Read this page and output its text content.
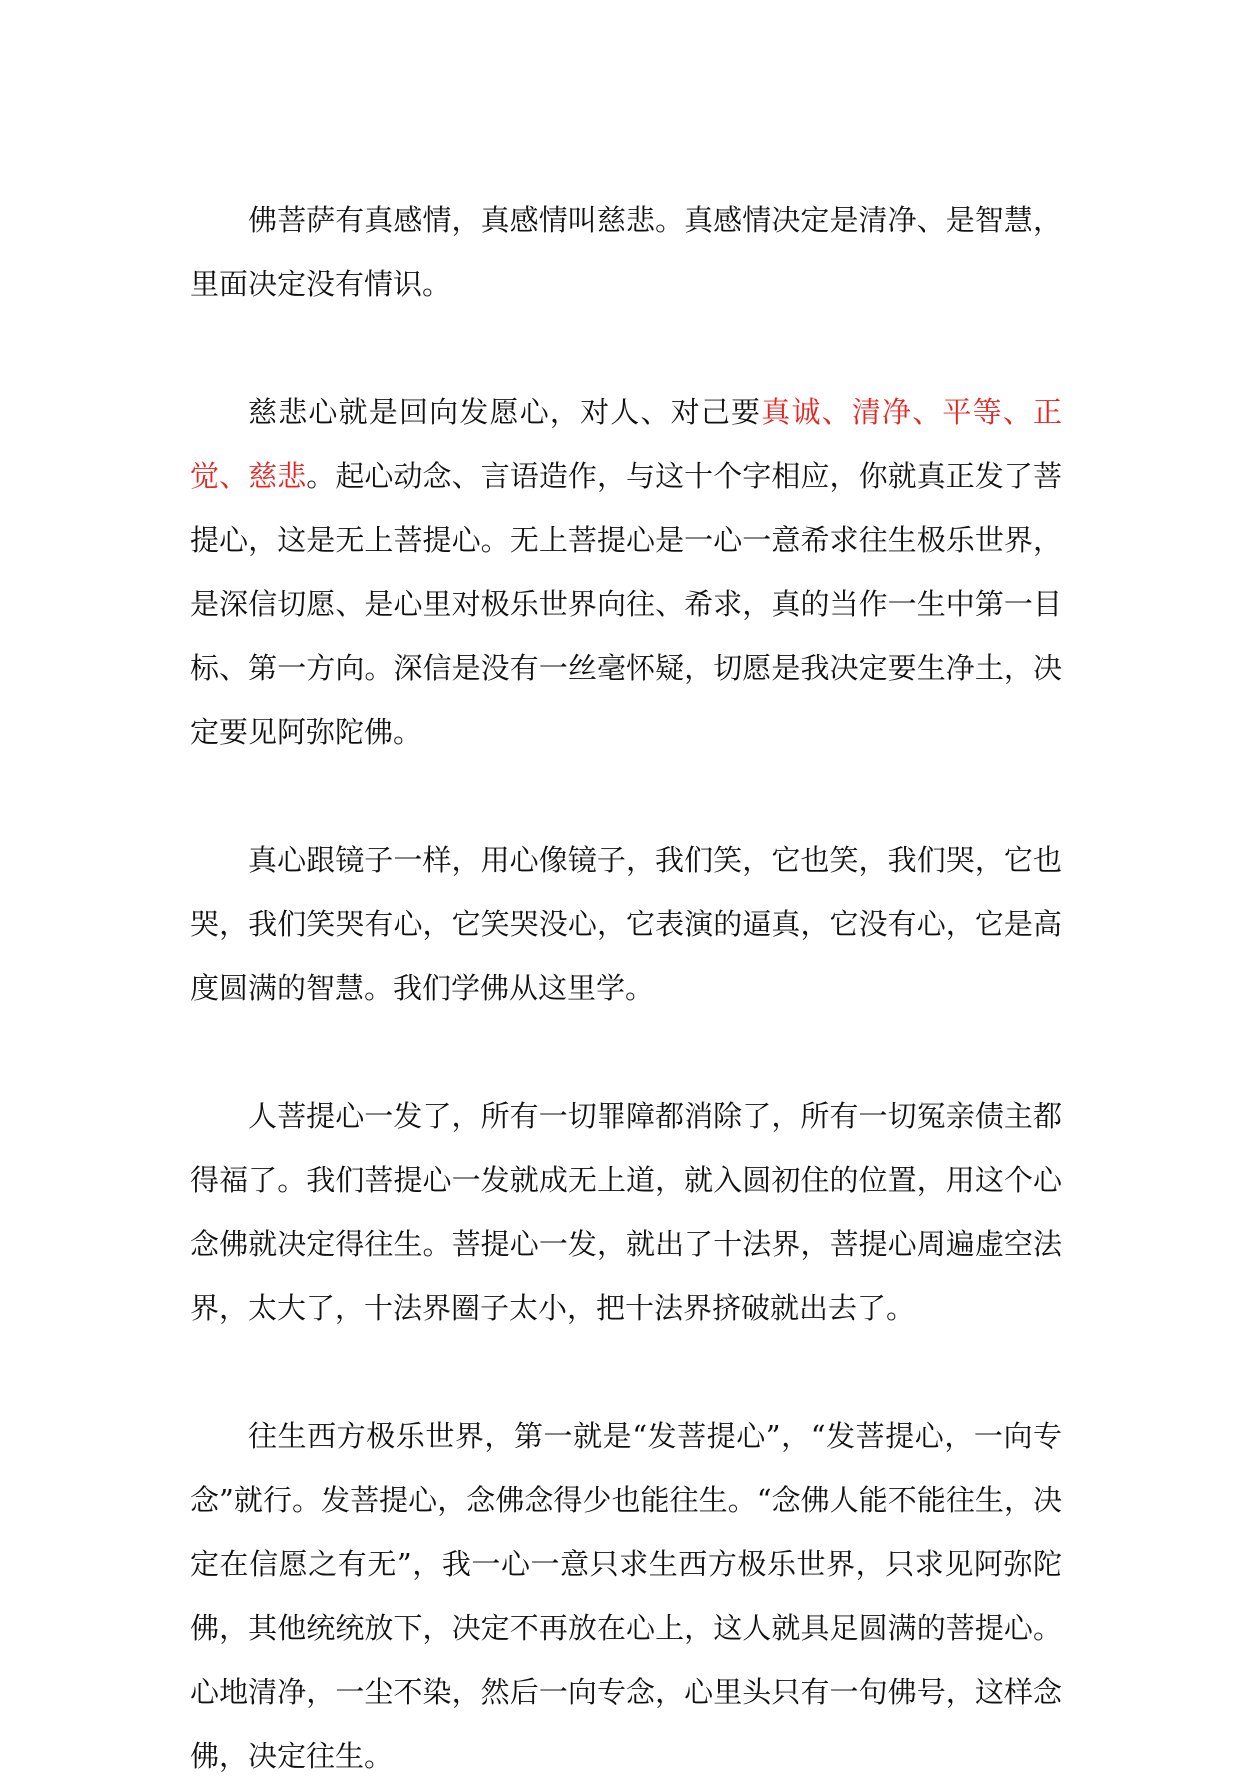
佛菩萨有真感情，真感情叫慈悲。真感情决定是清净、是智慧，里面决定没有情识。

慈悲心就是回向发愿心，对人、对己要真诚、清净、平等、正觉、慈悲。起心动念、言语造作，与这十个字相应，你就真正发了菩提心，这是无上菩提心。无上菩提心是一心一意希求往生极乐世界，是深信切愿、是心里对极乐世界向往、希求，真的当作一生中第一目标、第一方向。深信是没有一丝毫怀疑，切愿是我决定要生净土，决定要见阿弥陀佛。

真心跟镜子一样，用心像镜子，我们笑，它也笑，我们哭，它也哭，我们笑哭有心，它笑哭没心，它表演的逼真，它没有心，它是高度圆满的智慧。我们学佛从这里学。

人菩提心一发了，所有一切罪障都消除了，所有一切冤亲债主都得福了。我们菩提心一发就成无上道，就入圆初住的位置，用这个心念佛就决定得往生。菩提心一发，就出了十法界，菩提心周遍虚空法界，太大了，十法界圈子太小，把十法界挤破就出去了。

往生西方极乐世界，第一就是“发菩提心”，“发菩提心，一向专念”就行。发菩提心，念佛念得少也能往生。“念佛人能不能往生，决定在信愿之有无”，我一心一意只求生西方极乐世界，只求见阿弥陀佛，其他统统放下，决定不再放在心上，这人就具足圆满的菩提心。心地清净，一尘不染，然后一向专念，心里头只有一句佛号，这样念佛，决定往生。
